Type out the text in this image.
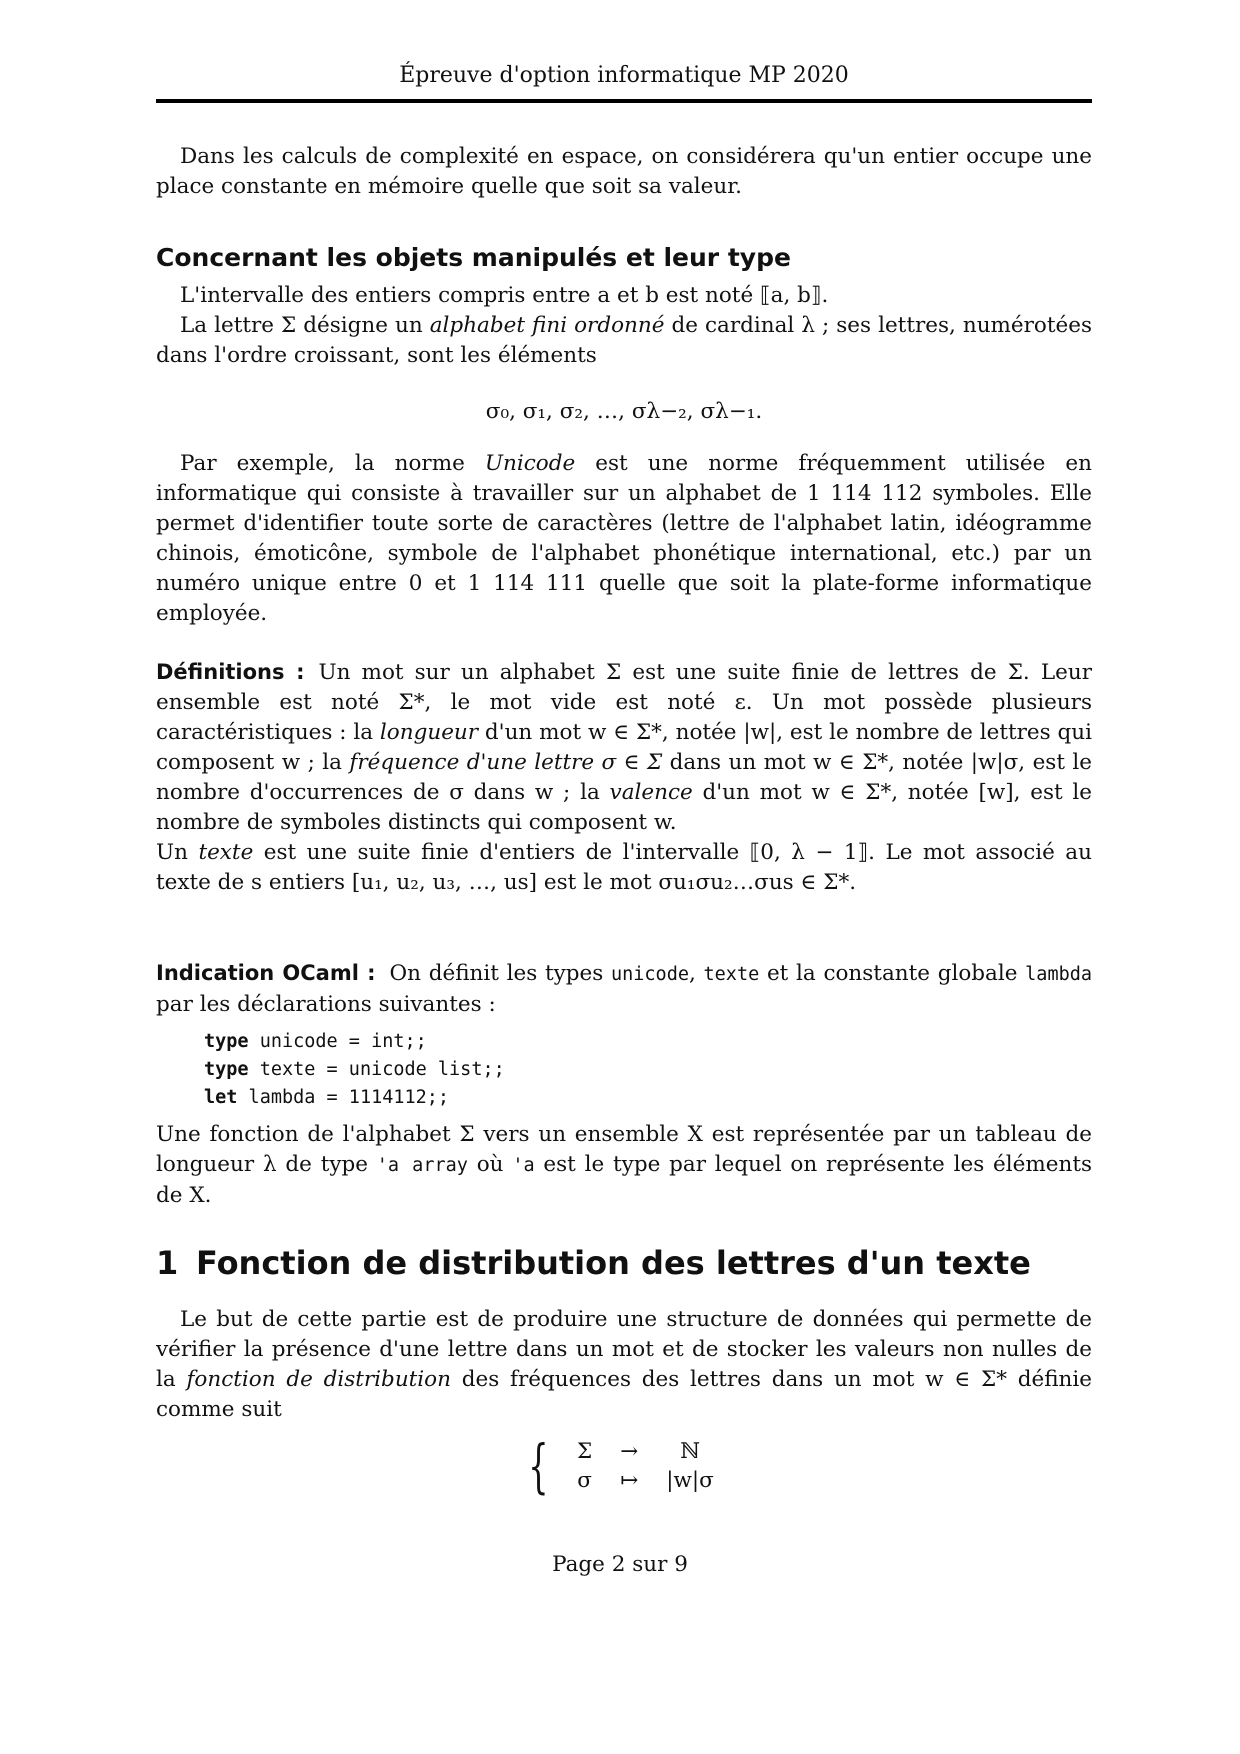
Épreuve d'option informatique MP 2020

Dans les calculs de complexité en espace, on considérera qu'un entier occupe une place constante en mémoire quelle que soit sa valeur.

Concernant les objets manipulés et leur type

L'intervalle des entiers compris entre a et b est noté ⟦a, b⟧.

La lettre Σ désigne un alphabet fini ordonné de cardinal λ ; ses lettres, numérotées dans l'ordre croissant, sont les éléments

σ₀, σ₁, σ₂, …, σλ−₂, σλ−₁.

Par exemple, la norme Unicode est une norme fréquemment utilisée en informatique qui consiste à travailler sur un alphabet de 1 114 112 symboles. Elle permet d'identifier toute sorte de caractères (lettre de l'alphabet latin, idéogramme chinois, émoticône, symbole de l'alphabet phonétique international, etc.) par un numéro unique entre 0 et 1 114 111 quelle que soit la plate-forme informatique employée.

Définitions : Un mot sur un alphabet Σ est une suite finie de lettres de Σ. Leur ensemble est noté Σ*, le mot vide est noté ε. Un mot possède plusieurs caractéristiques : la longueur d'un mot w ∈ Σ*, notée |w|, est le nombre de lettres qui composent w ; la fréquence d'une lettre σ ∈ Σ dans un mot w ∈ Σ*, notée |w|σ, est le nombre d'occurrences de σ dans w ; la valence d'un mot w ∈ Σ*, notée [w], est le nombre de symboles distincts qui composent w.

Un texte est une suite finie d'entiers de l'intervalle ⟦0, λ − 1⟧. Le mot associé au texte de s entiers [u₁, u₂, u₃, …, us] est le mot σu₁σu₂…σus ∈ Σ*.

Indication OCaml : On définit les types unicode, texte et la constante globale lambda par les déclarations suivantes :

type unicode = int;;
type texte = unicode list;;
let lambda = 1114112;;

Une fonction de l'alphabet Σ vers un ensemble X est représentée par un tableau de longueur λ de type 'a array où 'a est le type par lequel on représente les éléments de X.

1 Fonction de distribution des lettres d'un texte

Le but de cette partie est de produire une structure de données qui permette de vérifier la présence d'une lettre dans un mot et de stocker les valeurs non nulles de la fonction de distribution des fréquences des lettres dans un mot w ∈ Σ* définie comme suit

{ Σ	→	ℕ
σ	↦	|w|σ
Page 2 sur 9
